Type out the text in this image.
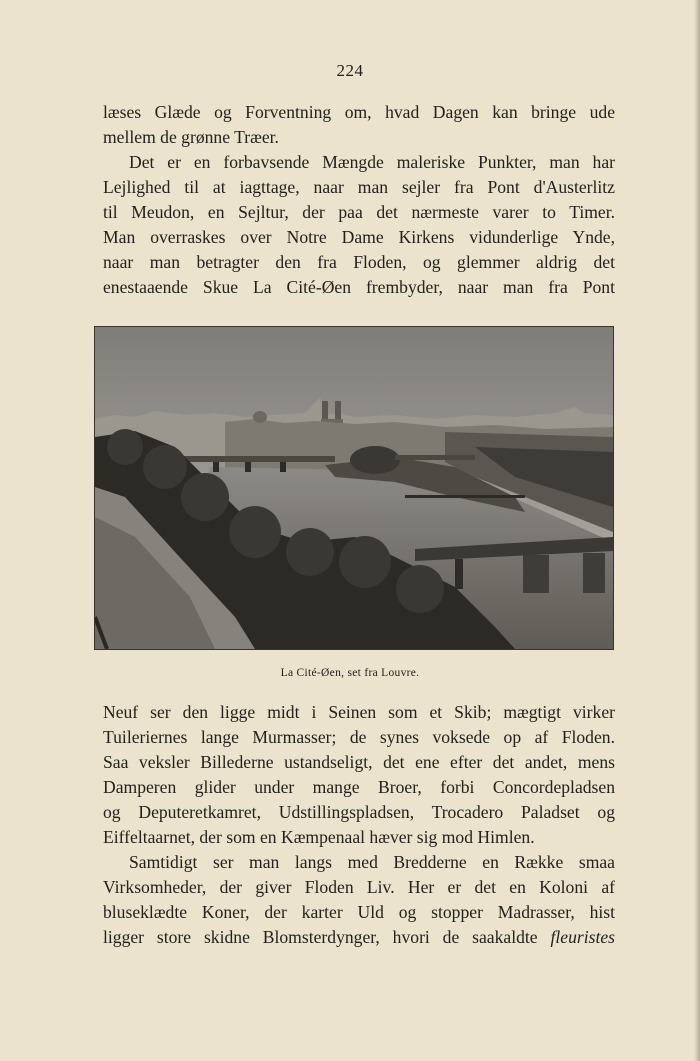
224
læses Glæde og Forventning om, hvad Dagen kan bringe ude
mellem de grønne Træer.
Det er en forbavsende Mængde maleriske Punkter, man har
Lejlighed til at iagttage, naar man sejler fra Pont d'Austerlitz
til Meudon, en Sejltur, der paa det nærmeste varer to Timer.
Man overraskes over Notre Dame Kirkens vidunderlige Ynde,
naar man betragter den fra Floden, og glemmer aldrig det
enestaaende Skue La Cité-Øen frembyder, naar man fra Pont
La Cité-Øen, set fra Louvre.
Neuf ser den ligge midt i Seinen som et Skib; mægtigt virker
Tuileriernes lange Murmasser; de synes voksede op af Floden.
Saa veksler Billederne ustandseligt, det ene efter det andet, mens
Damperen glider under mange Broer, forbi Concordepladsen
og Deputeretkamret, Udstillingspladsen, Trocadero Paladset og
Eiffeltaarnet, der som en Kæmpenaal hæver sig mod Himlen.
Samtidigt ser man langs med Bredderne en Række smaa
Virksomheder, der giver Floden Liv. Her er det en Koloni af
bluseklædte Koner, der karter Uld og stopper Madrasser, hist
ligger store skidne Blomsterdynger, hvori de saakaldte fleuristes
